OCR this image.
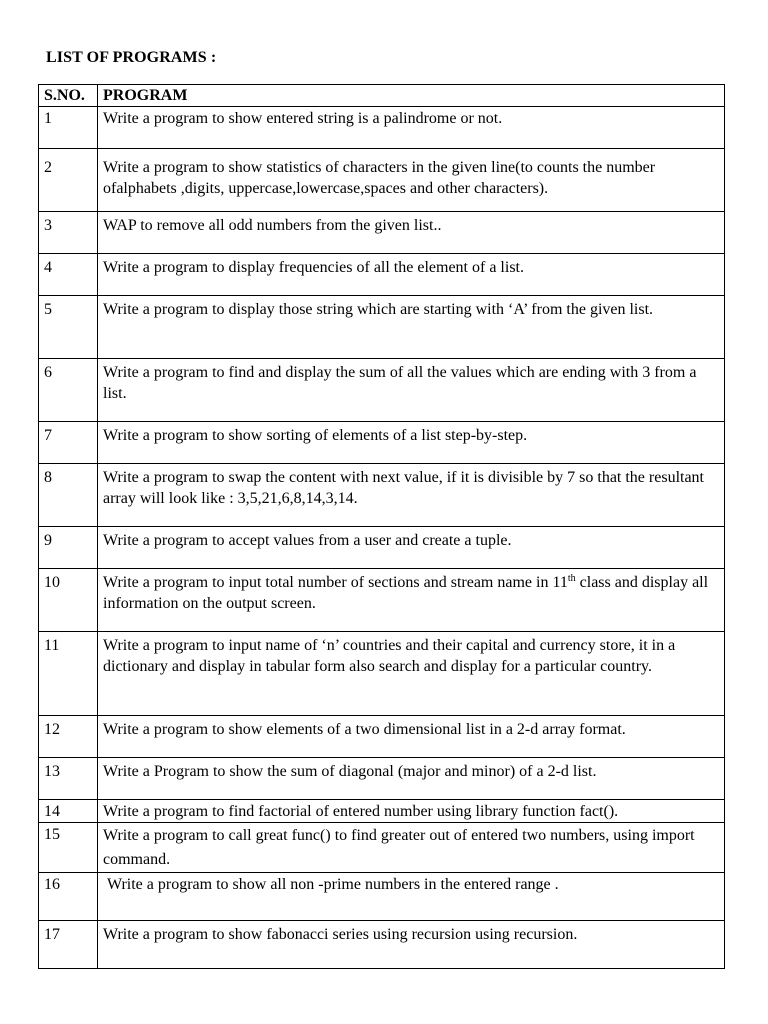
LIST OF PROGRAMS :
S.NO.	PROGRAM
1	Write a program to show entered string is a palindrome or not.
2	Write a program to show statistics of characters in the given line(to counts the number ofalphabets ,digits, uppercase,lowercase,spaces and other characters).
3	WAP to remove all odd numbers from the given list..
4	Write a program to display frequencies of all the element of a list.
5	Write a program to display those string which are starting with ‘A’ from the given list.
6	Write a program to find and display the sum of all the values which are ending with 3 from a list.
7	Write a program to show sorting of elements of a list step-by-step.
8	Write a program to swap the content with next value, if it is divisible by 7 so that the resultant array will look like : 3,5,21,6,8,14,3,14.
9	Write a program to accept values from a user and create a tuple.
10	Write a program to input total number of sections and stream name in 11th class and display all information on the output screen.
11	Write a program to input name of ‘n’ countries and their capital and currency store, it in a dictionary and display in tabular form also search and display for a particular country.
12	Write a program to show elements of a two dimensional list in a 2-d array format.
13	Write a Program to show the sum of diagonal (major and minor) of a 2-d list.
14	Write a program to find factorial of entered number using library function fact().
15	Write a program to call great func() to find greater out of entered two numbers, using import command.
16	Write a program to show all non -prime numbers in the entered range .
17	Write a program to show fabonacci series using recursion using recursion.
